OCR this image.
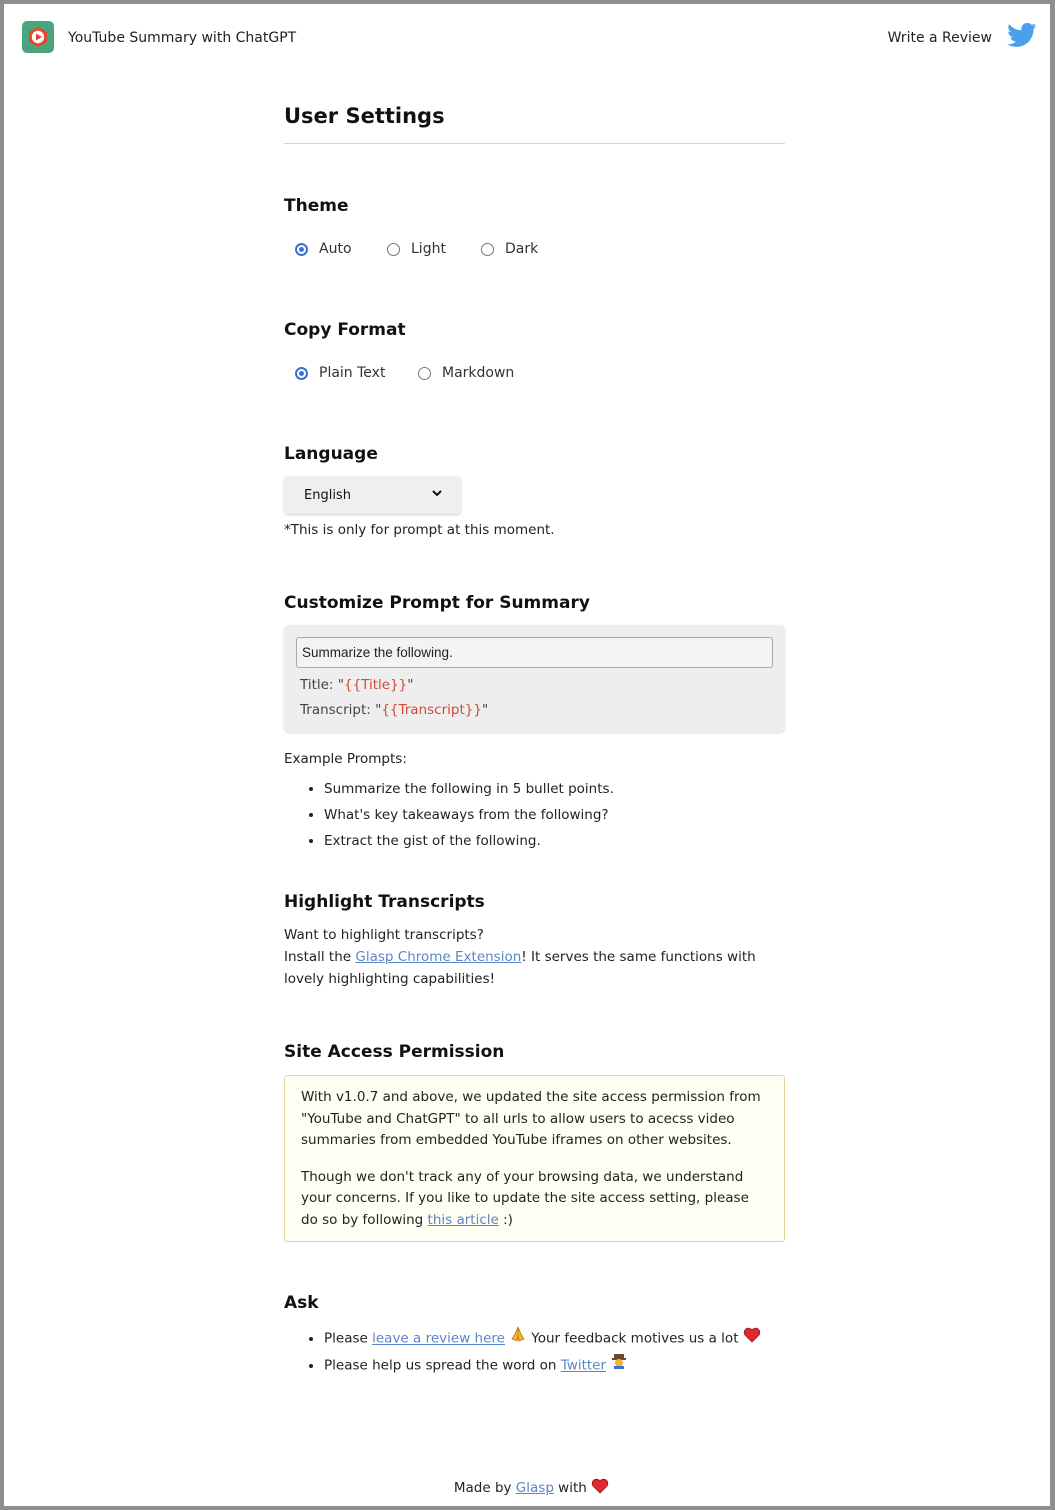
YouTube Summary with ChatGPT	Write a Review
User Settings
Theme
Auto	Light	Dark
Copy Format
Plain Text	Markdown
Language
English
*This is only for prompt at this moment.
Customize Prompt for Summary
Summarize the following.
Title: "{{Title}}"
Transcript: "{{Transcript}}"
Example Prompts:
• Summarize the following in 5 bullet points.
• What's key takeaways from the following?
• Extract the gist of the following.
Highlight Transcripts
Want to highlight transcripts?
Install the Glasp Chrome Extension! It serves the same functions with lovely highlighting capabilities!
Site Access Permission

With v1.0.7 and above, we updated the site access permission from "YouTube and ChatGPT" to all urls to allow users to acecss video summaries from embedded YouTube iframes on other websites.

Though we don't track any of your browsing data, we understand your concerns. If you like to update the site access setting, please do so by following this article :)

Ask
• Please leave a review here Your feedback motives us a lot
• Please help us spread the word on Twitter
Made by Glasp with
